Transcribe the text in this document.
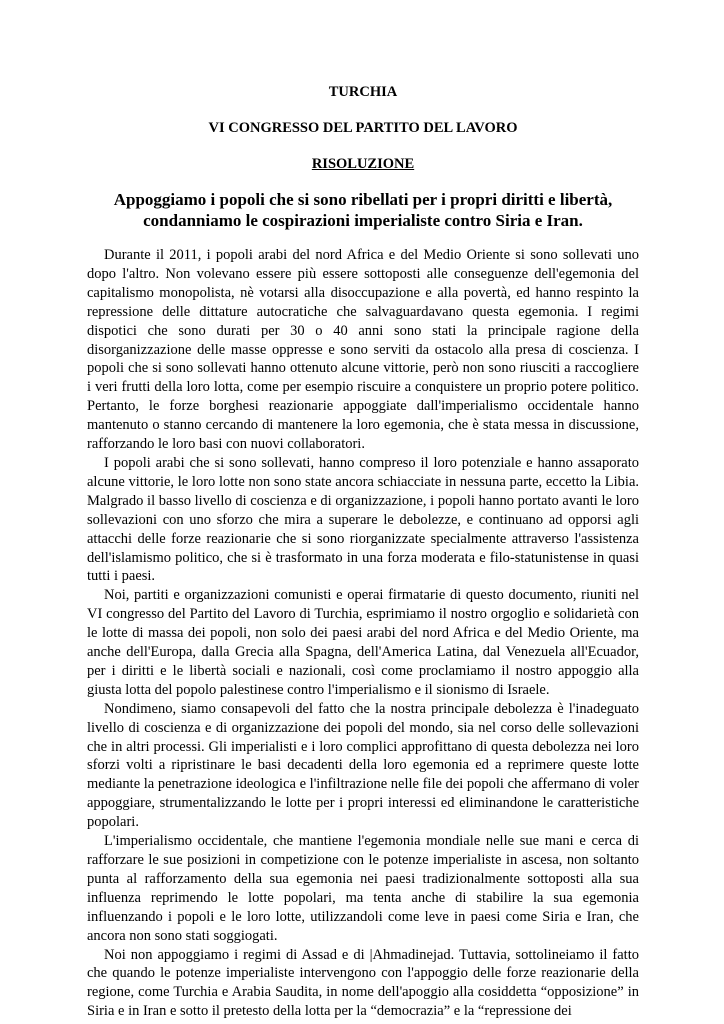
TURCHIA

VI CONGRESSO DEL PARTITO DEL LAVORO

RISOLUZIONE

Appoggiamo i popoli che si sono ribellati per i propri diritti e libertà,
condanniamo le cospirazioni imperialiste contro Siria e Iran.

Durante il 2011, i popoli arabi del nord Africa e del Medio Oriente si sono sollevati uno dopo l'altro. Non volevano essere più essere sottoposti alle conseguenze dell'egemonia del capitalismo monopolista, nè votarsi alla disoccupazione e alla povertà, ed hanno respinto la repressione delle dittature autocratiche che salvaguardavano questa egemonia. I regimi dispotici che sono durati per 30 o 40 anni sono stati la principale ragione della disorganizzazione delle masse oppresse e sono serviti da ostacolo alla presa di coscienza. I popoli che si sono sollevati hanno ottenuto alcune vittorie, però non sono riusciti a raccogliere i veri frutti della loro lotta, come per esempio riscuire a conquistere un proprio potere politico. Pertanto, le forze borghesi reazionarie appoggiate dall'imperialismo occidentale hanno mantenuto o stanno cercando di mantenere la loro egemonia, che è stata messa in discussione, rafforzando le loro basi con nuovi collaboratori.

I popoli arabi che si sono sollevati, hanno compreso il loro potenziale e hanno assaporato alcune vittorie, le loro lotte non sono state ancora schiacciate in nessuna parte, eccetto la Libia. Malgrado il basso livello di coscienza e di organizzazione, i popoli hanno portato avanti le loro sollevazioni con uno sforzo che mira a superare le debolezze, e continuano ad opporsi agli attacchi delle forze reazionarie che si sono riorganizzate specialmente attraverso l'assistenza dell'islamismo politico, che si è trasformato in una forza moderata e filo-statunistense in quasi tutti i paesi.

Noi, partiti e organizzazioni comunisti e operai firmatarie di questo documento, riuniti nel VI congresso del Partito del Lavoro di Turchia, esprimiamo il nostro orgoglio e solidarietà con le lotte di massa dei popoli, non solo dei paesi arabi del nord Africa e del Medio Oriente, ma anche dell'Europa, dalla Grecia alla Spagna, dell'America Latina, dal Venezuela all'Ecuador, per i diritti e le libertà sociali e nazionali, così come proclamiamo il nostro appoggio alla giusta lotta del popolo palestinese contro l'imperialismo e il sionismo di Israele.

Nondimeno, siamo consapevoli del fatto che la nostra principale debolezza è l'inadeguato livello di coscienza e di organizzazione dei popoli del mondo, sia nel corso delle sollevazioni che in altri processi. Gli imperialisti e i loro complici approfittano di questa debolezza nei loro sforzi volti a ripristinare le basi decadenti della loro egemonia ed a reprimere queste lotte mediante la penetrazione ideologica e l'infiltrazione nelle file dei popoli che affermano di voler appoggiare, strumentalizzando le lotte per i propri interessi ed eliminandone le caratteristiche popolari.

L'imperialismo occidentale, che mantiene l'egemonia mondiale nelle sue mani e cerca di rafforzare le sue posizioni in competizione con le potenze imperialiste in ascesa, non soltanto punta al rafforzamento della sua egemonia nei paesi tradizionalmente sottoposti alla sua influenza reprimendo le lotte popolari, ma tenta anche di stabilire la sua egemonia influenzando i popoli e le loro lotte, utilizzandoli come leve in paesi come Siria e Iran, che ancora non sono stati soggiogati.

Noi non appoggiamo i regimi di Assad e di |Ahmadinejad. Tuttavia, sottolineiamo il fatto che quando le potenze imperialiste intervengono con l'appoggio delle forze reazionarie della regione, come Turchia e Arabia Saudita, in nome dell'apoggio alla cosiddetta “opposizione” in Siria e in Iran e sotto il pretesto della lotta per la “democrazia” e la “repressione dei
